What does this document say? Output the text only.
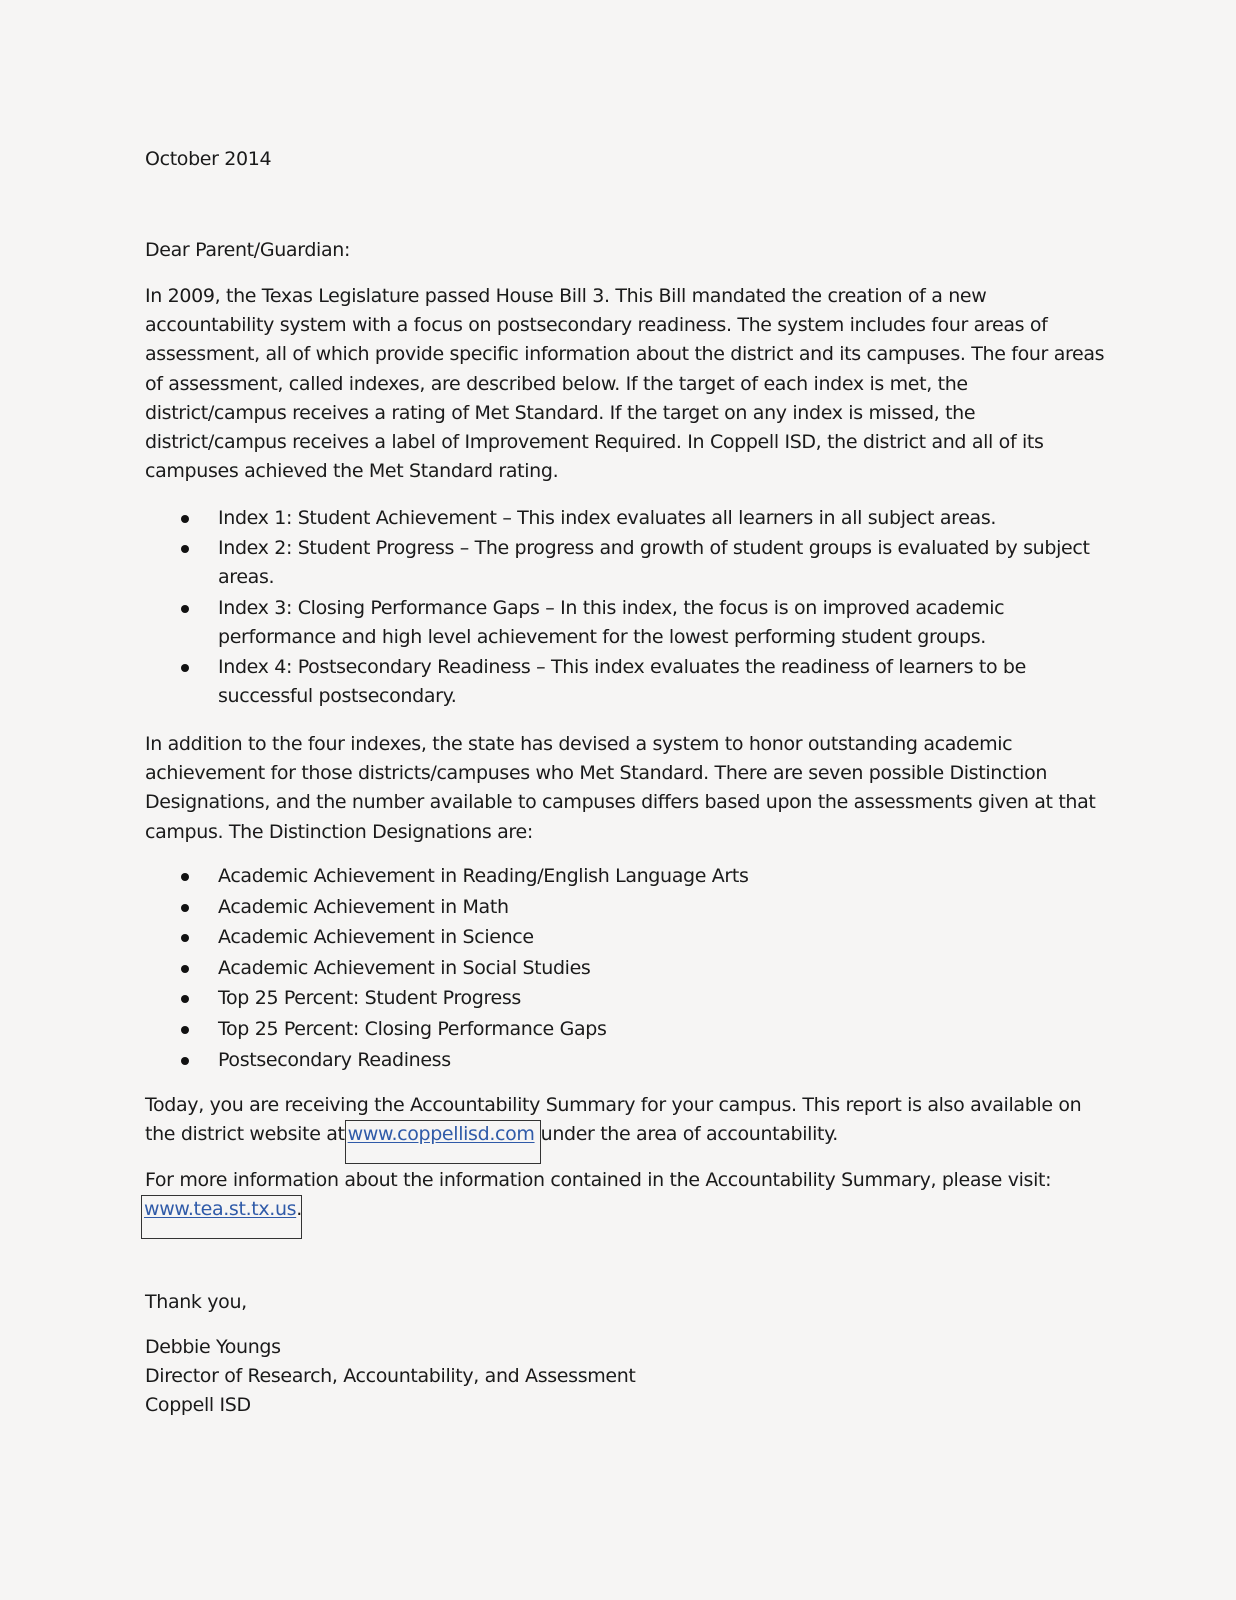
October 2014
Dear Parent/Guardian:
In 2009, the Texas Legislature passed House Bill 3. This Bill mandated the creation of a new
accountability system with a focus on postsecondary readiness. The system includes four areas of
assessment, all of which provide specific information about the district and its campuses. The four areas
of assessment, called indexes, are described below. If the target of each index is met, the
district/campus receives a rating of Met Standard. If the target on any index is missed, the
district/campus receives a label of Improvement Required. In Coppell ISD, the district and all of its
campuses achieved the Met Standard rating.
Index 1: Student Achievement – This index evaluates all learners in all subject areas.
Index 2: Student Progress – The progress and growth of student groups is evaluated by subject
areas.
Index 3: Closing Performance Gaps – In this index, the focus is on improved academic
performance and high level achievement for the lowest performing student groups.
Index 4: Postsecondary Readiness – This index evaluates the readiness of learners to be
successful postsecondary.
In addition to the four indexes, the state has devised a system to honor outstanding academic
achievement for those districts/campuses who Met Standard. There are seven possible Distinction
Designations, and the number available to campuses differs based upon the assessments given at that
campus. The Distinction Designations are:
Academic Achievement in Reading/English Language Arts
Academic Achievement in Math
Academic Achievement in Science
Academic Achievement in Social Studies
Top 25 Percent: Student Progress
Top 25 Percent: Closing Performance Gaps
Postsecondary Readiness
Today, you are receiving the Accountability Summary for your campus. This report is also available on
the district website at www.coppellisd.com under the area of accountability.
For more information about the information contained in the Accountability Summary, please visit:
www.tea.st.tx.us.
Thank you,
Debbie Youngs
Director of Research, Accountability, and Assessment
Coppell ISD
